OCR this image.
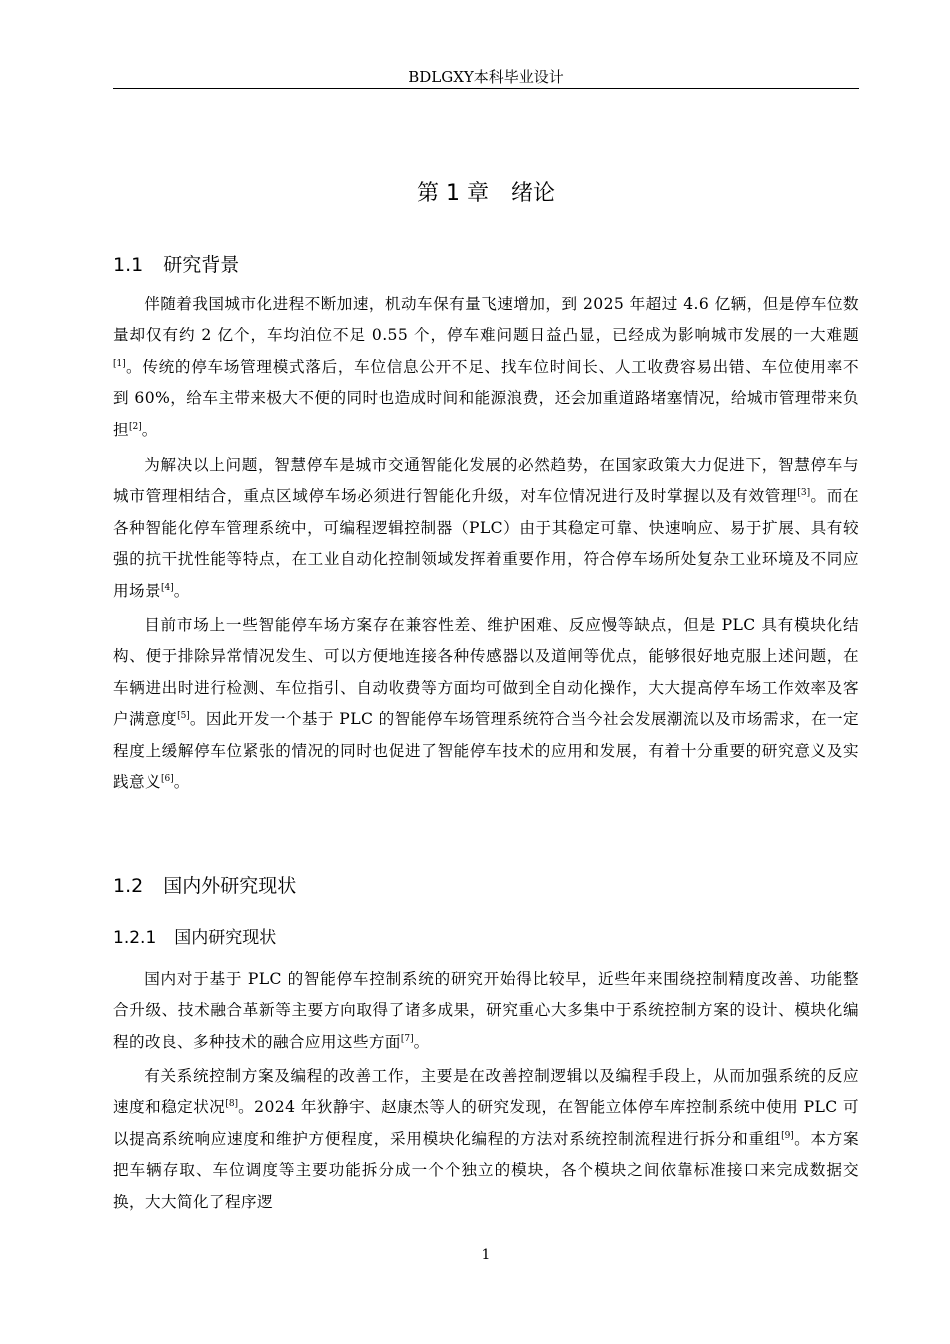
BDLGXY本科毕业设计
第 1 章　绪论
1.1 研究背景

伴随着我国城市化进程不断加速，机动车保有量飞速增加，到 2025 年超过 4.6 亿辆，但是停车位数量却仅有约 2 亿个，车均泊位不足 0.55 个，停车难问题日益凸显，已经成为影响城市发展的一大难题[1]。传统的停车场管理模式落后，车位信息公开不足、找车位时间长、人工收费容易出错、车位使用率不到 60%，给车主带来极大不便的同时也造成时间和能源浪费，还会加重道路堵塞情况，给城市管理带来负担[2]。

为解决以上问题，智慧停车是城市交通智能化发展的必然趋势，在国家政策大力促进下，智慧停车与城市管理相结合，重点区域停车场必须进行智能化升级，对车位情况进行及时掌握以及有效管理[3]。而在各种智能化停车管理系统中，可编程逻辑控制器（PLC）由于其稳定可靠、快速响应、易于扩展、具有较强的抗干扰性能等特点，在工业自动化控制领域发挥着重要作用，符合停车场所处复杂工业环境及不同应用场景[4]。

目前市场上一些智能停车场方案存在兼容性差、维护困难、反应慢等缺点，但是 PLC 具有模块化结构、便于排除异常情况发生、可以方便地连接各种传感器以及道闸等优点，能够很好地克服上述问题，在车辆进出时进行检测、车位指引、自动收费等方面均可做到全自动化操作，大大提高停车场工作效率及客户满意度[5]。因此开发一个基于 PLC 的智能停车场管理系统符合当今社会发展潮流以及市场需求，在一定程度上缓解停车位紧张的情况的同时也促进了智能停车技术的应用和发展，有着十分重要的研究意义及实践意义[6]。

1.2 国内外研究现状
1.2.1 国内研究现状

国内对于基于 PLC 的智能停车控制系统的研究开始得比较早，近些年来围绕控制精度改善、功能整合升级、技术融合革新等主要方向取得了诸多成果，研究重心大多集中于系统控制方案的设计、模块化编程的改良、多种技术的融合应用这些方面[7]。

有关系统控制方案及编程的改善工作，主要是在改善控制逻辑以及编程手段上，从而加强系统的反应速度和稳定状况[8]。2024 年狄静宇、赵康杰等人的研究发现，在智能立体停车库控制系统中使用 PLC 可以提高系统响应速度和维护方便程度，采用模块化编程的方法对系统控制流程进行拆分和重组[9]。本方案把车辆存取、车位调度等主要功能拆分成一个个独立的模块，各个模块之间依靠标准接口来完成数据交换，大大简化了程序逻

1
